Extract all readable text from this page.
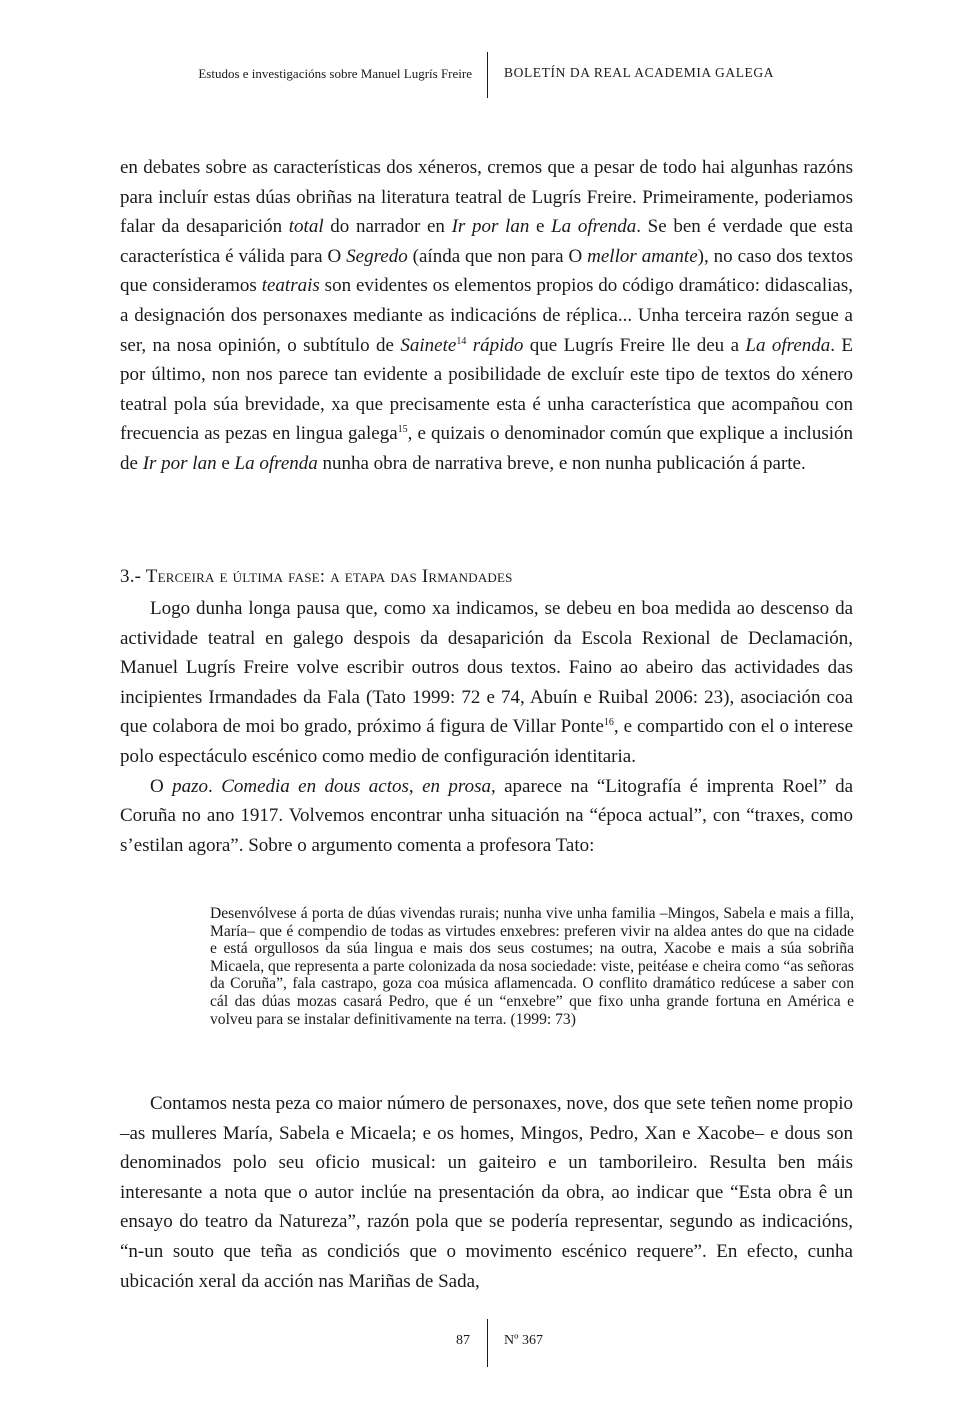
Estudos e investigacións sobre Manuel Lugrís Freire BOLETÍN DA REAL ACADEMIA GALEGA

en debates sobre as características dos xéneros, cremos que a pesar de todo hai algunhas razóns para incluír estas dúas obriñas na literatura teatral de Lugrís Freire. Primeiramente, poderiamos falar da desaparición total do narrador en Ir por lan e La ofrenda. Se ben é verdade que esta característica é válida para O Segredo (aínda que non para O mellor amante), no caso dos textos que consideramos teatrais son evidentes os elementos propios do código dramático: didascalias, a designación dos personaxes mediante as indicacións de réplica... Unha terceira razón segue a ser, na nosa opinión, o subtítulo de Sainete$^{14}$ rápido que Lugrís Freire lle deu a La ofrenda. E por último, non nos parece tan evidente a posibilidade de excluír este tipo de textos do xénero teatral pola súa brevidade, xa que precisamente esta é unha característica que acompañou con frecuencia as pezas en lingua galega$^{15}$, e quizais o denominador común que explique a inclusión de Ir por lan e La ofrenda nunha obra de narrativa breve, e non nunha publicación á parte.

3.- Terceira e última fase: a etapa das Irmandades

Logo dunha longa pausa que, como xa indicamos, se debeu en boa medida ao descenso da actividade teatral en galego despois da desaparición da Escola Rexional de Declamación, Manuel Lugrís Freire volve escribir outros dous textos. Faino ao abeiro das actividades das incipientes Irmandades da Fala (Tato 1999: 72 e 74, Abuín e Ruibal 2006: 23), asociación coa que colabora de moi bo grado, próximo á figura de Villar Ponte$^{16}$, e compartido con el o interese polo espectáculo escénico como medio de configuración identitaria.

O pazo. Comedia en dous actos, en prosa, aparece na “Litografía é imprenta Roel” da Coruña no ano 1917. Volvemos encontrar unha situación na “época actual”, con “traxes, como s’estilan agora”. Sobre o argumento comenta a profesora Tato:

Desenvólvese á porta de dúas vivendas rurais; nunha vive unha familia –Mingos, Sabela e mais a filla, María– que é compendio de todas as virtudes enxebres: preferen vivir na aldea antes do que na cidade e está orgullosos da súa lingua e mais dos seus costumes; na outra, Xacobe e mais a súa sobriña Micaela, que representa a parte colonizada da nosa sociedade: viste, peitéase e cheira como “as señoras da Coruña”, fala castrapo, goza coa música aflamencada. O conflito dramático redúcese a saber con cál das dúas mozas casará Pedro, que é un “enxebre” que fixo unha grande fortuna en América e volveu para se instalar definitivamente na terra. (1999: 73)

Contamos nesta peza co maior número de personaxes, nove, dos que sete teñen nome propio –as mulleres María, Sabela e Micaela; e os homes, Mingos, Pedro, Xan e Xacobe– e dous son denominados polo seu oficio musical: un gaiteiro e un tamborileiro. Resulta ben máis interesante a nota que o autor inclúe na presentación da obra, ao indicar que “Esta obra ê un ensayo do teatro da Natureza”, razón pola que se podería representar, segundo as indicacións, “n-un souto que teña as condiciós que o movimento escénico requere”. En efecto, cunha ubicación xeral da acción nas Mariñas de Sada,

87 Nº 367
